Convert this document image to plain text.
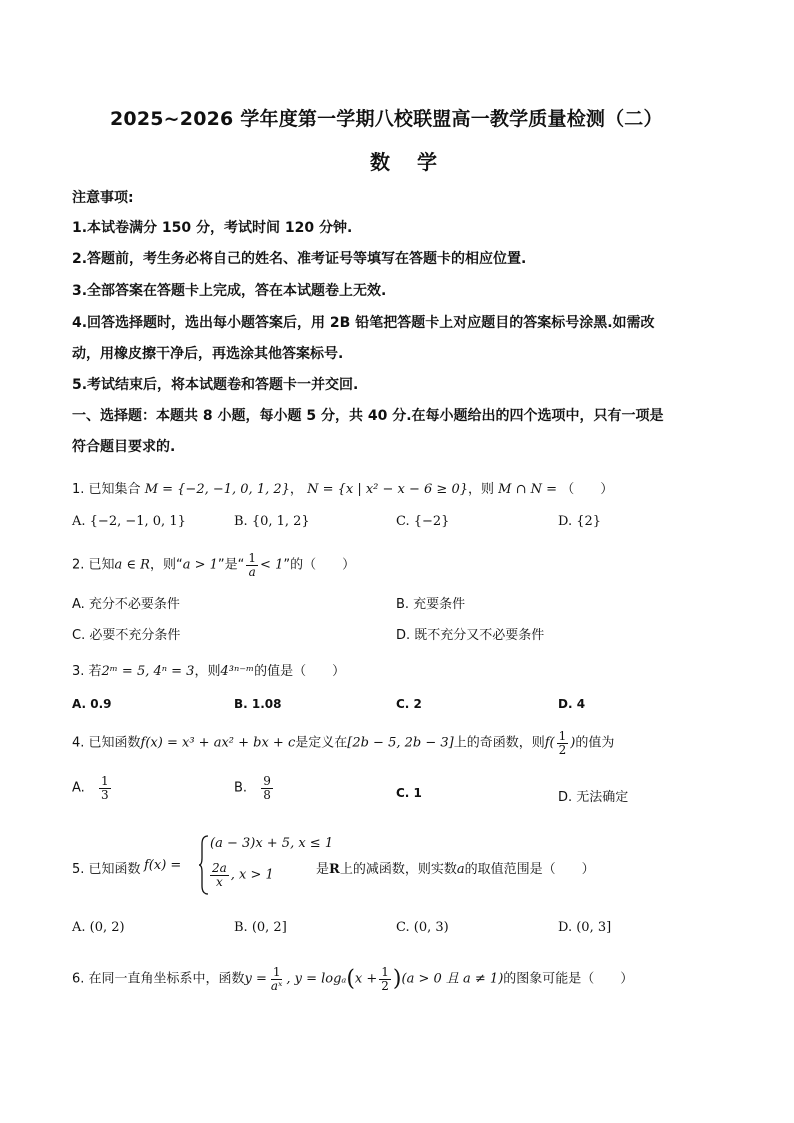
2025~2026 学年度第一学期八校联盟高一教学质量检测（二）
数 学
注意事项:
1.本试卷满分 150 分，考试时间 120 分钟.
2.答题前，考生务必将自己的姓名、准考证号等填写在答题卡的相应位置.
3.全部答案在答题卡上完成，答在本试题卷上无效.
4.回答选择题时，选出每小题答案后，用 2B 铅笔把答题卡上对应题目的答案标号涂黑.如需改
动，用橡皮擦干净后，再选涂其他答案标号.
5.考试结束后，将本试题卷和答题卡一并交回.
一、选择题：本题共 8 小题，每小题 5 分，共 40 分.在每小题给出的四个选项中，只有一项是
符合题目要求的.
1. 已知集合 M = {−2, −1, 0, 1, 2}， N = {x | x² − x − 6 ≥ 0}，则 M ∩ N = （　　）
A. {−2, −1, 0, 1}	B. {0, 1, 2}	C. {−2}	D. {2}
2. 已知a ∈ R，则“a > 1”是“ $\frac{1}{a} < 1$”的（　　）
A. 充分不必要条件	B. 充要条件
C. 必要不充分条件	D. 既不充分又不必要条件
3. 若2ᵐ = 5, 4ⁿ = 3，则4³ⁿ⁻ᵐ的值是（　　）
A. 0.9	B. 1.08	C. 2	D. 4
4. 已知函数f(x) = x³ + ax² + bx + c是定义在[2b − 5, 2b − 3]上的奇函数，则$f( \frac{1}{2}$ )的值为
A. $\frac{1}{3}$	B. $\frac{9}{8}$	C. 1	D. 无法确定
5. 已知函数 f(x) =
(a − 3)x + 5, x ≤ 1
$\frac{2a}{x}$ , x > 1	是R上的减函数，则实数a的取值范围是（　　）
A. (0, 2)	B. (0, 2]	C. (0, 3)	D. (0, 3]
6. 在同一直角坐标系中，函数$y = \frac{1}{\text{aˣ}}$ , $y = \log_a(x + \frac{1}{2} )(a > 0$ 且 a ≠ 1)的图象可能是（　　）
